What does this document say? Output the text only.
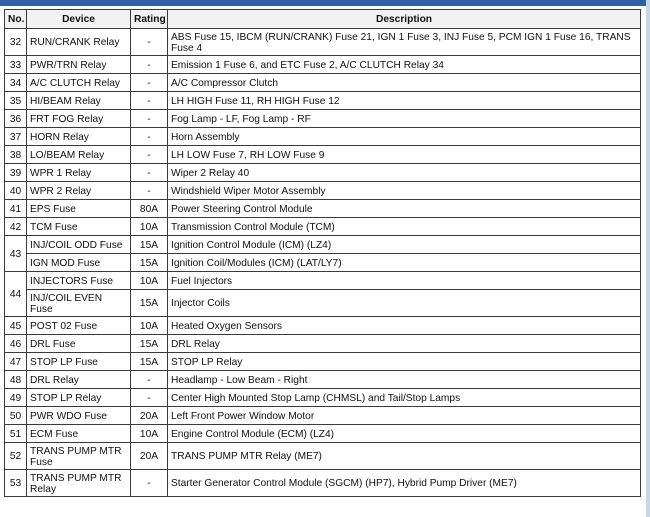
No.	Device	Rating	Description
32	RUN/CRANK Relay	-	ABS Fuse 15, IBCM (RUN/CRANK) Fuse 21, IGN 1 Fuse 3, INJ Fuse 5, PCM IGN 1 Fuse 16, TRANS Fuse 4
33	PWR/TRN Relay	-	Emission 1 Fuse 6, and ETC Fuse 2, A/C CLUTCH Relay 34
34	A/C CLUTCH Relay	-	A/C Compressor Clutch
35	HI/BEAM Relay	-	LH HIGH Fuse 11, RH HIGH Fuse 12
36	FRT FOG Relay	-	Fog Lamp - LF, Fog Lamp - RF
37	HORN Relay	-	Horn Assembly
38	LO/BEAM Relay	-	LH LOW Fuse 7, RH LOW Fuse 9
39	WPR 1 Relay	-	Wiper 2 Relay 40
40	WPR 2 Relay	-	Windshield Wiper Motor Assembly
41	EPS Fuse	80A	Power Steering Control Module
42	TCM Fuse	10A	Transmission Control Module (TCM)
43	INJ/COIL ODD Fuse	15A	Ignition Control Module (ICM) (LZ4)
	IGN MOD Fuse	15A	Ignition Coil/Modules (ICM) (LAT/LY7)
44	INJECTORS Fuse	10A	Fuel Injectors
	INJ/COIL EVEN Fuse	15A	Injector Coils
45	POST 02 Fuse	10A	Heated Oxygen Sensors
46	DRL Fuse	15A	DRL Relay
47	STOP LP Fuse	15A	STOP LP Relay
48	DRL Relay	-	Headlamp - Low Beam - Right
49	STOP LP Relay	-	Center High Mounted Stop Lamp (CHMSL) and Tail/Stop Lamps
50	PWR WDO Fuse	20A	Left Front Power Window Motor
51	ECM Fuse	10A	Engine Control Module (ECM) (LZ4)
52	TRANS PUMP MTR Fuse	20A	TRANS PUMP MTR Relay (ME7)
53	TRANS PUMP MTR Relay	-	Starter Generator Control Module (SGCM) (HP7), Hybrid Pump Driver (ME7)
